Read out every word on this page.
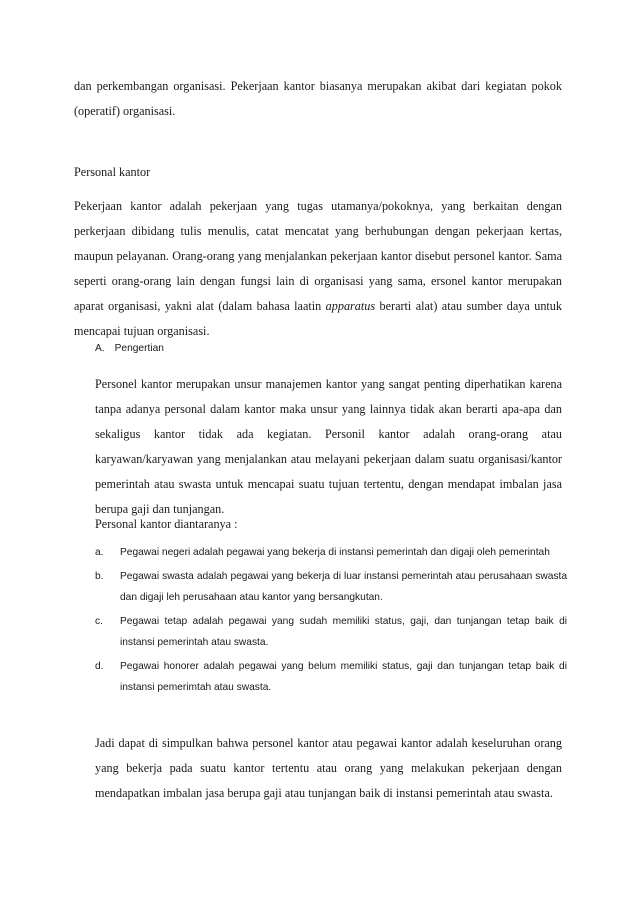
dan perkembangan organisasi. Pekerjaan kantor biasanya merupakan akibat dari kegiatan pokok (operatif) organisasi.

Personal kantor

Pekerjaan kantor adalah pekerjaan yang tugas utamanya/pokoknya, yang berkaitan dengan perkerjaan dibidang tulis menulis, catat mencatat yang berhubungan dengan pekerjaan kertas, maupun pelayanan. Orang-orang yang menjalankan pekerjaan kantor disebut personel kantor. Sama seperti orang-orang lain dengan fungsi lain di organisasi yang sama, ersonel kantor merupakan aparat organisasi, yakni alat (dalam bahasa laatin apparatus berarti alat) atau sumber daya untuk mencapai tujuan organisasi.

A. Pengertian

Personel kantor merupakan unsur manajemen kantor yang sangat penting diperhatikan karena tanpa adanya personal dalam kantor maka unsur yang lainnya tidak akan berarti apa-apa dan sekaligus kantor tidak ada kegiatan. Personil kantor adalah orang-orang atau karyawan/karyawan yang menjalankan atau melayani pekerjaan dalam suatu organisasi/kantor pemerintah atau swasta untuk mencapai suatu tujuan tertentu, dengan mendapat imbalan jasa berupa gaji dan tunjangan.

Personal kantor diantaranya :
a. Pegawai negeri adalah pegawai yang bekerja di instansi pemerintah dan digaji oleh pemerintah
b. Pegawai swasta adalah pegawai yang bekerja di luar instansi pemerintah atau perusahaan swasta dan digaji leh perusahaan atau kantor yang bersangkutan.
c. Pegawai tetap adalah pegawai yang sudah memiliki status, gaji, dan tunjangan tetap baik di instansi pemerintah atau swasta.
d. Pegawai honorer adalah pegawai yang belum memiliki status, gaji dan tunjangan tetap baik di instansi pemerimtah atau swasta.

Jadi dapat di simpulkan bahwa personel kantor atau pegawai kantor adalah keseluruhan orang yang bekerja pada suatu kantor tertentu atau orang yang melakukan pekerjaan dengan mendapatkan imbalan jasa berupa gaji atau tunjangan baik di instansi pemerintah atau swasta.
